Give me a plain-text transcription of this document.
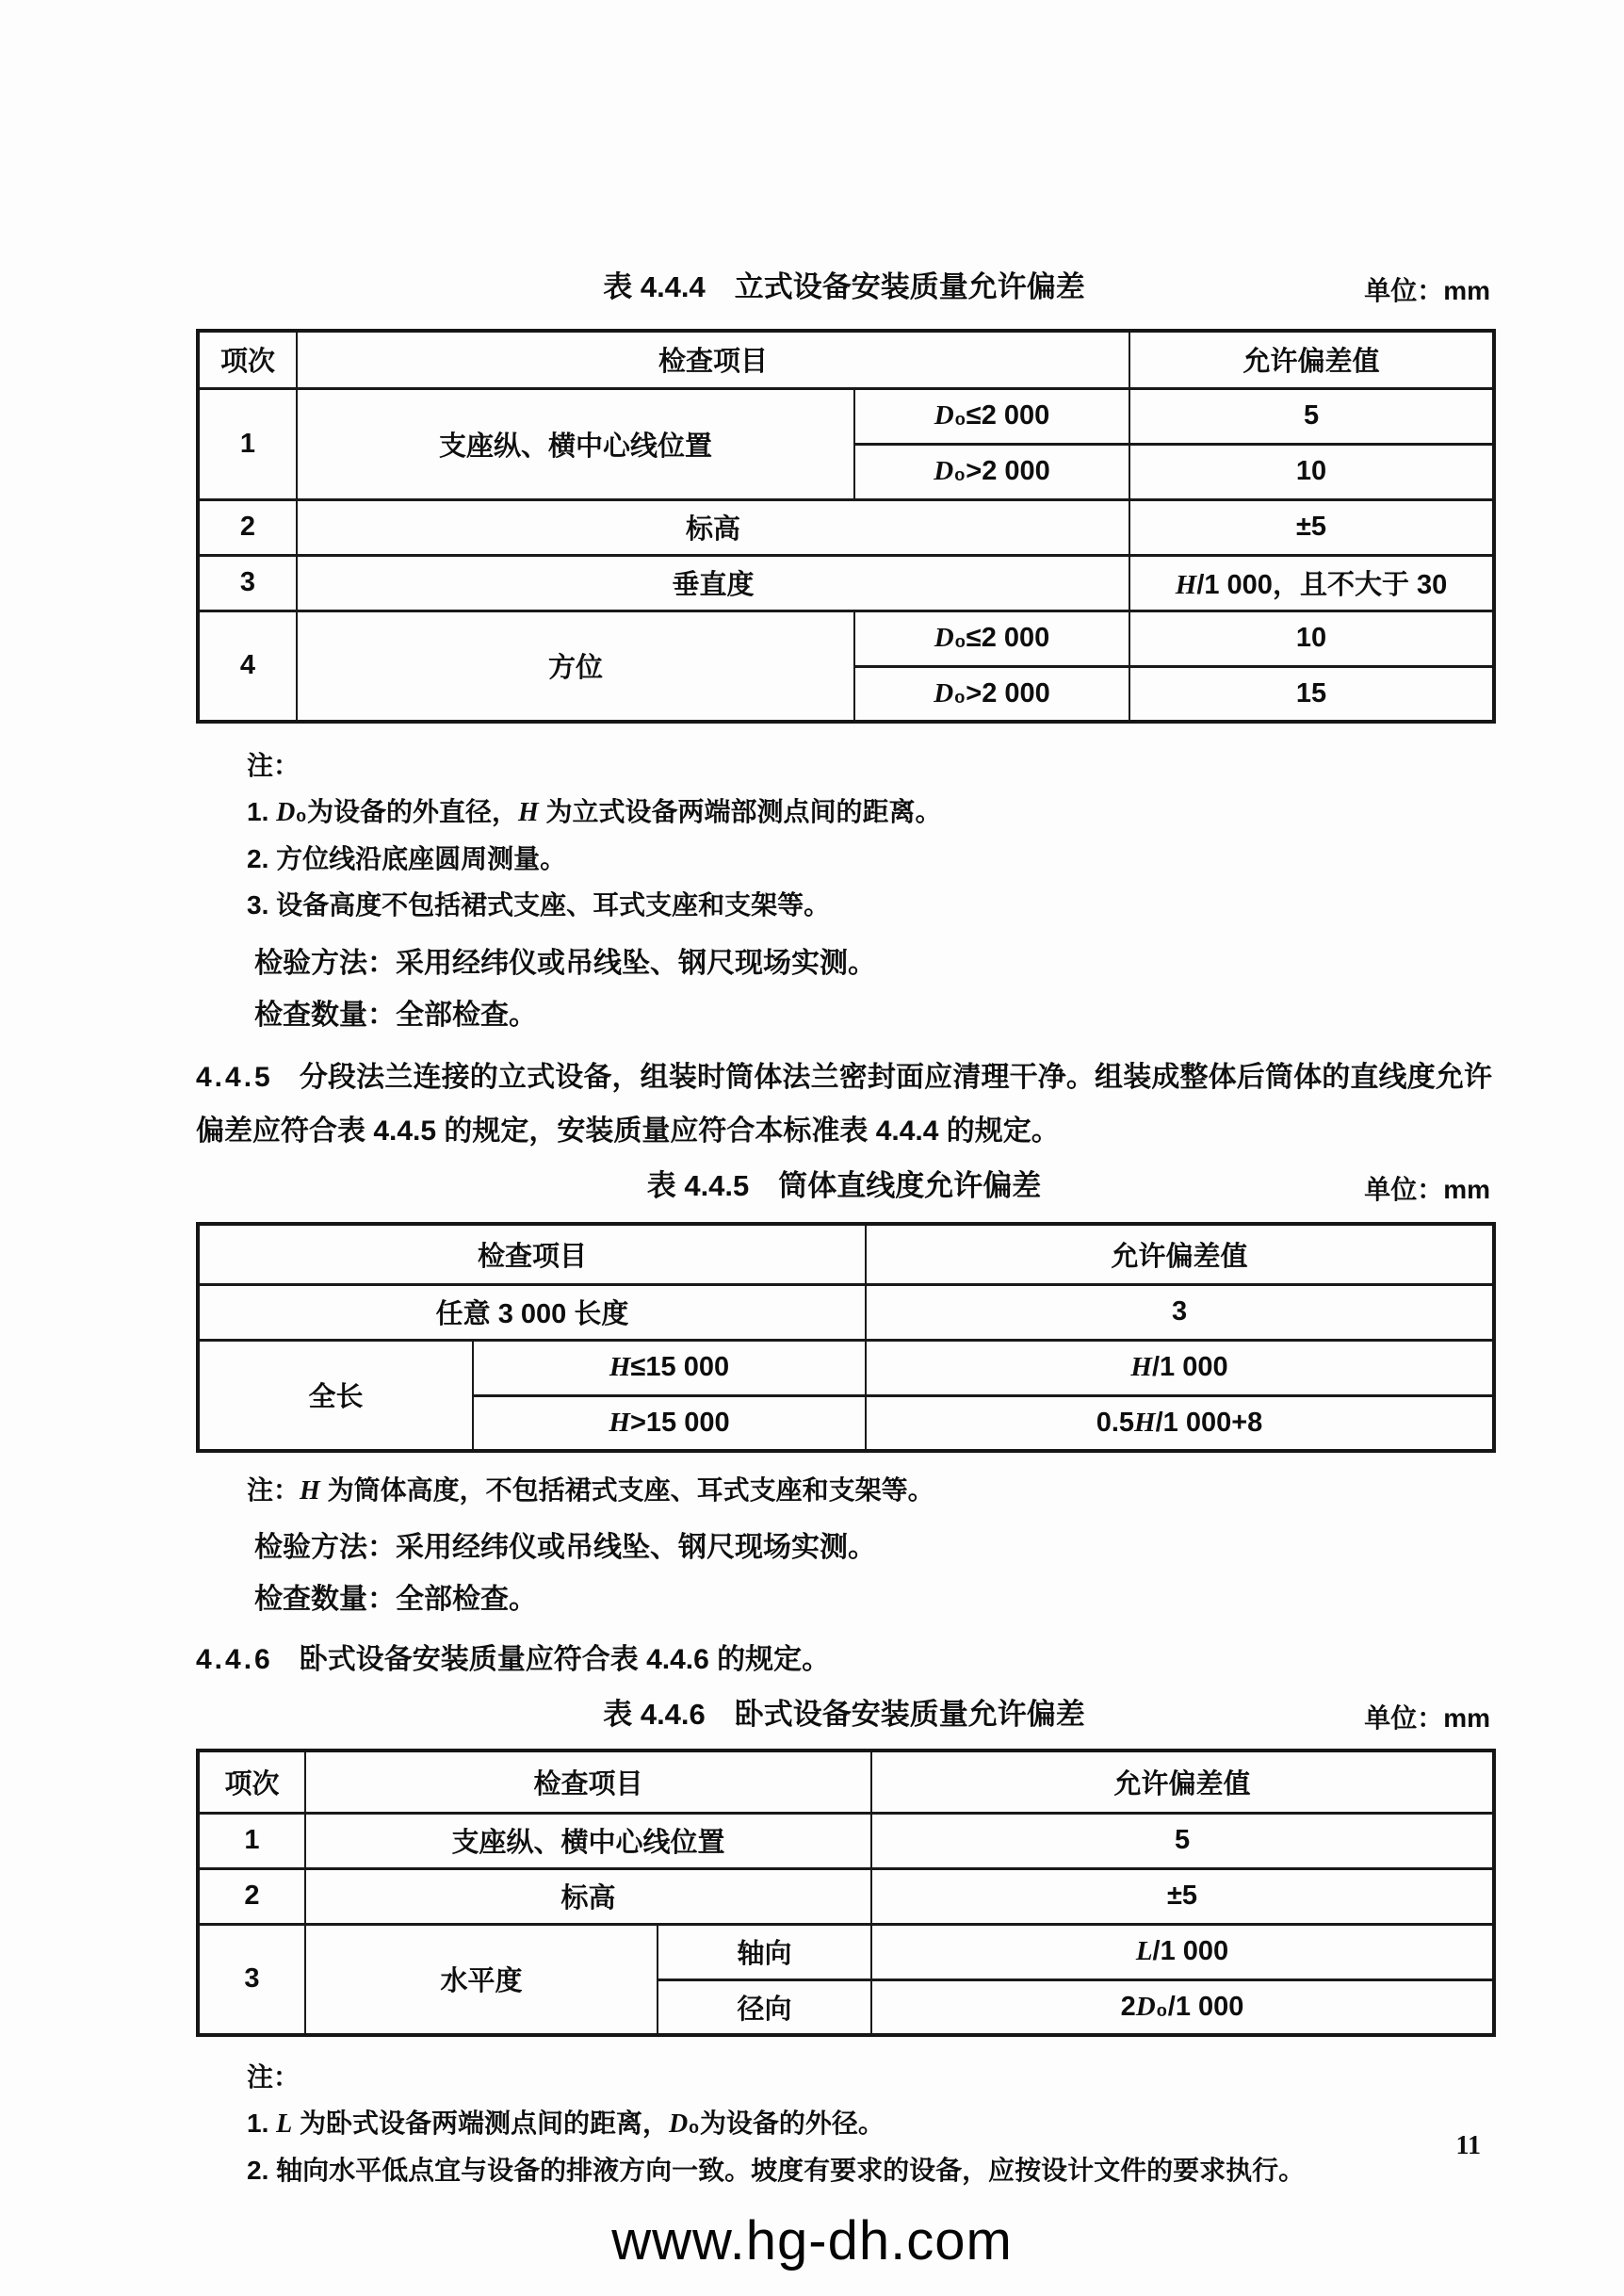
表 4.4.4　立式设备安装质量允许偏差	单位：mm
项次	检查项目		允许偏差值
1	支座纵、横中心线位置	D₀≤2 000	5
		D₀>2 000	10
2	标高		±5
3	垂直度		H/1 000，且不大于 30
4	方位	D₀≤2 000	10
		D₀>2 000	15

注：

1. D₀为设备的外直径，H 为立式设备两端部测点间的距离。

2. 方位线沿底座圆周测量。

3. 设备高度不包括裙式支座、耳式支座和支架等。

检验方法：采用经纬仪或吊线坠、钢尺现场实测。

检查数量：全部检查。

4.4.5 分段法兰连接的立式设备，组装时筒体法兰密封面应清理干净。组装成整体后筒体的直线度允许偏差应符合表 4.4.5 的规定，安装质量应符合本标准表 4.4.4 的规定。

表 4.4.5　筒体直线度允许偏差	单位：mm
检查项目		允许偏差值
任意 3 000 长度		3
全长	H≤15 000	H/1 000
	H>15 000	0.5H/1 000+8

注：H 为筒体高度，不包括裙式支座、耳式支座和支架等。

检验方法：采用经纬仪或吊线坠、钢尺现场实测。

检查数量：全部检查。

4.4.6 卧式设备安装质量应符合表 4.4.6 的规定。

表 4.4.6　卧式设备安装质量允许偏差	单位：mm
项次	检查项目		允许偏差值
1	支座纵、横中心线位置		5
2	标高		±5
3	水平度	轴向	L/1 000
		径向	2D₀/1 000

注：

1. L 为卧式设备两端测点间的距离，D₀为设备的外径。

2. 轴向水平低点宜与设备的排液方向一致。坡度有要求的设备，应按设计文件的要求执行。

11
www.hg-dh.com
